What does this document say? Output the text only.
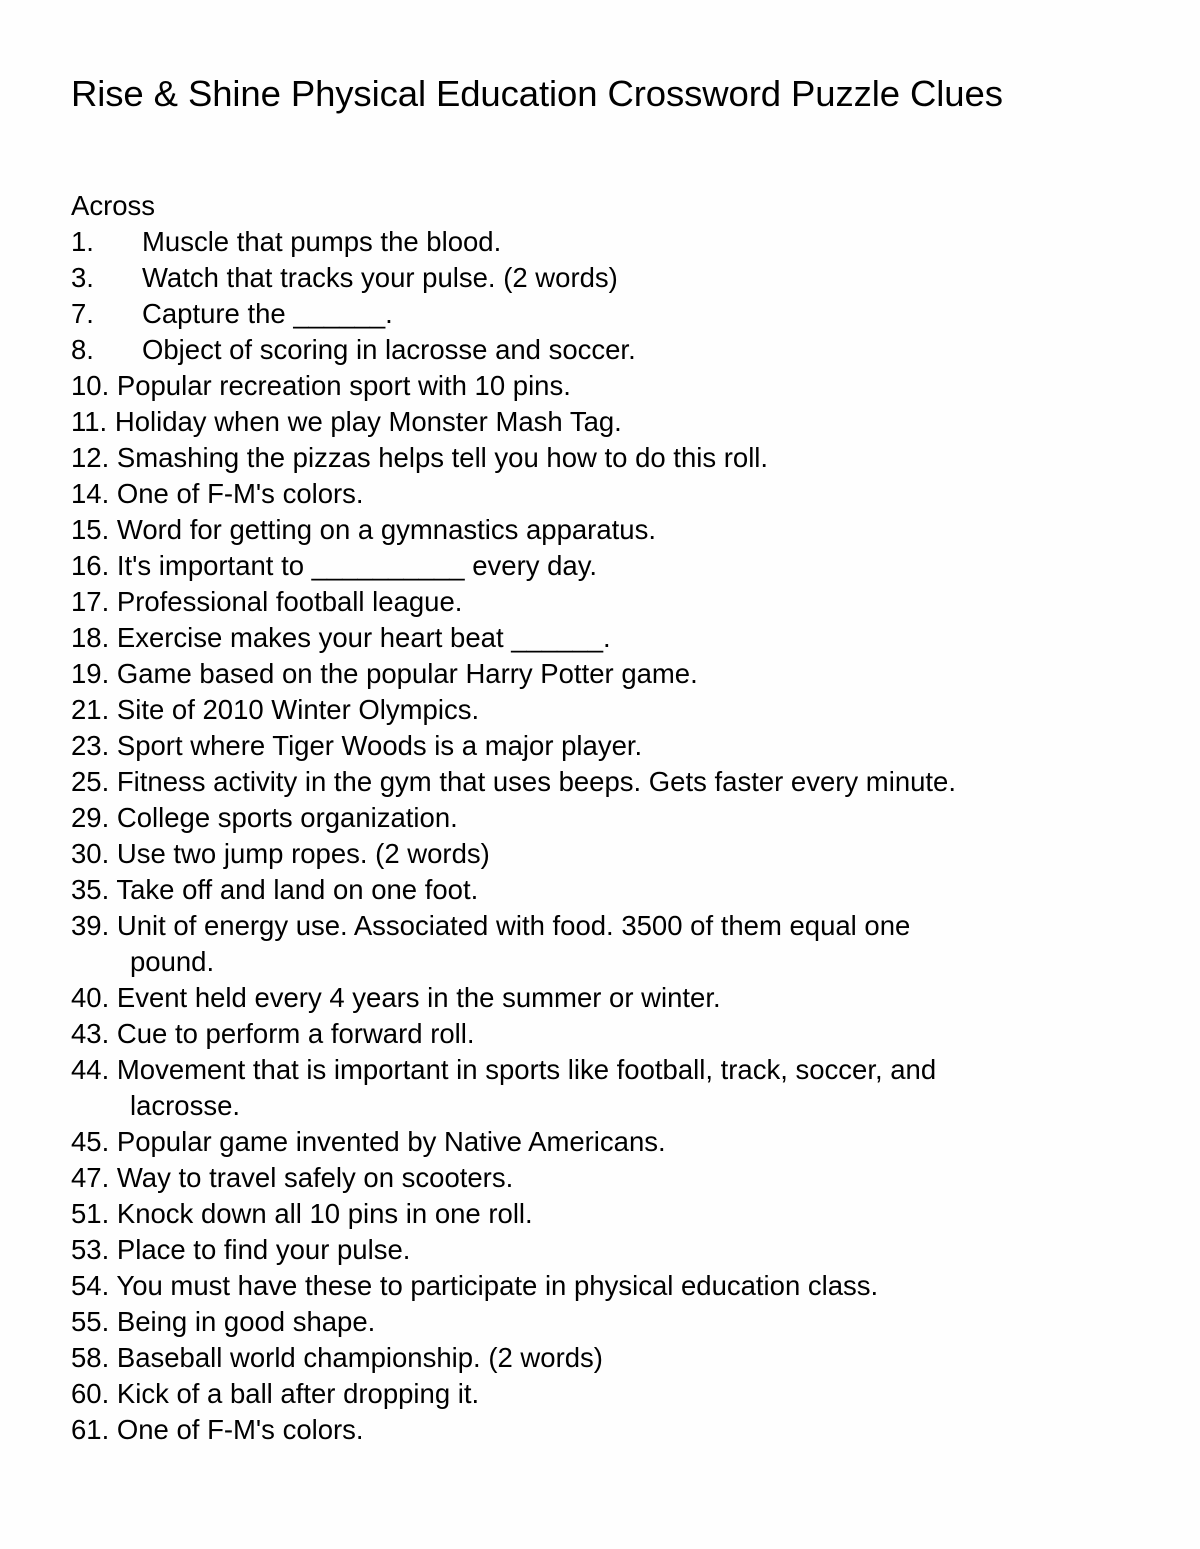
Rise & Shine Physical Education Crossword Puzzle Clues
Across
1. Muscle that pumps the blood.
3. Watch that tracks your pulse. (2 words)
7. Capture the ______.
8. Object of scoring in lacrosse and soccer.
10. Popular recreation sport with 10 pins.
11. Holiday when we play Monster Mash Tag.
12. Smashing the pizzas helps tell you how to do this roll.
14. One of F-M's colors.
15. Word for getting on a gymnastics apparatus.
16. It's important to __________ every day.
17. Professional football league.
18. Exercise makes your heart beat ______.
19. Game based on the popular Harry Potter game.
21. Site of 2010 Winter Olympics.
23. Sport where Tiger Woods is a major player.
25. Fitness activity in the gym that uses beeps. Gets faster every minute.
29. College sports organization.
30. Use two jump ropes. (2 words)
35. Take off and land on one foot.
39. Unit of energy use. Associated with food. 3500 of them equal one
pound.
40. Event held every 4 years in the summer or winter.
43. Cue to perform a forward roll.
44. Movement that is important in sports like football, track, soccer, and
lacrosse.
45. Popular game invented by Native Americans.
47. Way to travel safely on scooters.
51. Knock down all 10 pins in one roll.
53. Place to find your pulse.
54. You must have these to participate in physical education class.
55. Being in good shape.
58. Baseball world championship. (2 words)
60. Kick of a ball after dropping it.
61. One of F-M's colors.
